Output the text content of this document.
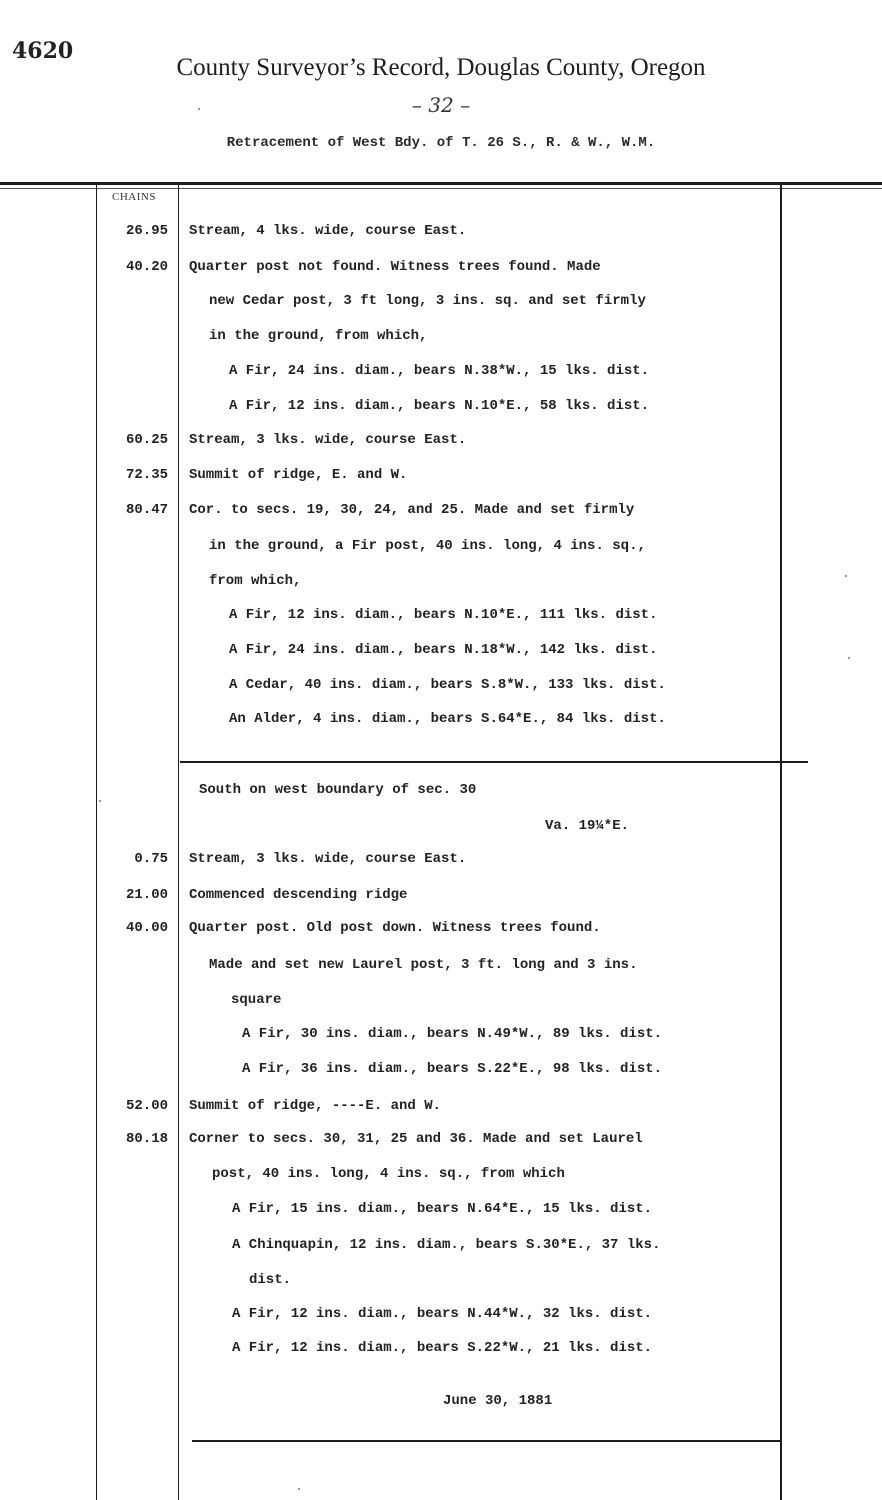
4620
County Surveyor’s Record, Douglas County, Oregon
– 32 –
Retracement of West Bdy. of T. 26 S., R. & W., W.M.
CHAINS
26.95 Stream, 4 lks. wide, course East.
40.20 Quarter post not found. Witness trees found. Made
new Cedar post, 3 ft long, 3 ins. sq. and set firmly
in the ground, from which,
A Fir, 24 ins. diam., bears N.38*W., 15 lks. dist.
A Fir, 12 ins. diam., bears N.10*E., 58 lks. dist.
60.25 Stream, 3 lks. wide, course East.
72.35 Summit of ridge, E. and W.
80.47 Cor. to secs. 19, 30, 24, and 25. Made and set firmly
in the ground, a Fir post, 40 ins. long, 4 ins. sq.,
from which,
A Fir, 12 ins. diam., bears N.10*E., 111 lks. dist.
A Fir, 24 ins. diam., bears N.18*W., 142 lks. dist.
A Cedar, 40 ins. diam., bears S.8*W., 133 lks. dist.
An Alder, 4 ins. diam., bears S.64*E., 84 lks. dist.
South on west boundary of sec. 30
Va. 19¼*E.
0.75 Stream, 3 lks. wide, course East.
21.00 Commenced descending ridge
40.00 Quarter post. Old post down. Witness trees found.
Made and set new Laurel post, 3 ft. long and 3 ins.
square
A Fir, 30 ins. diam., bears N.49*W., 89 lks. dist.
A Fir, 36 ins. diam., bears S.22*E., 98 lks. dist.
52.00 Summit of ridge, ----E. and W.
80.18 Corner to secs. 30, 31, 25 and 36. Made and set Laurel
post, 40 ins. long, 4 ins. sq., from which
A Fir, 15 ins. diam., bears N.64*E., 15 lks. dist.
A Chinquapin, 12 ins. diam., bears S.30*E., 37 lks.
dist.
A Fir, 12 ins. diam., bears N.44*W., 32 lks. dist.
A Fir, 12 ins. diam., bears S.22*W., 21 lks. dist.
June 30, 1881
